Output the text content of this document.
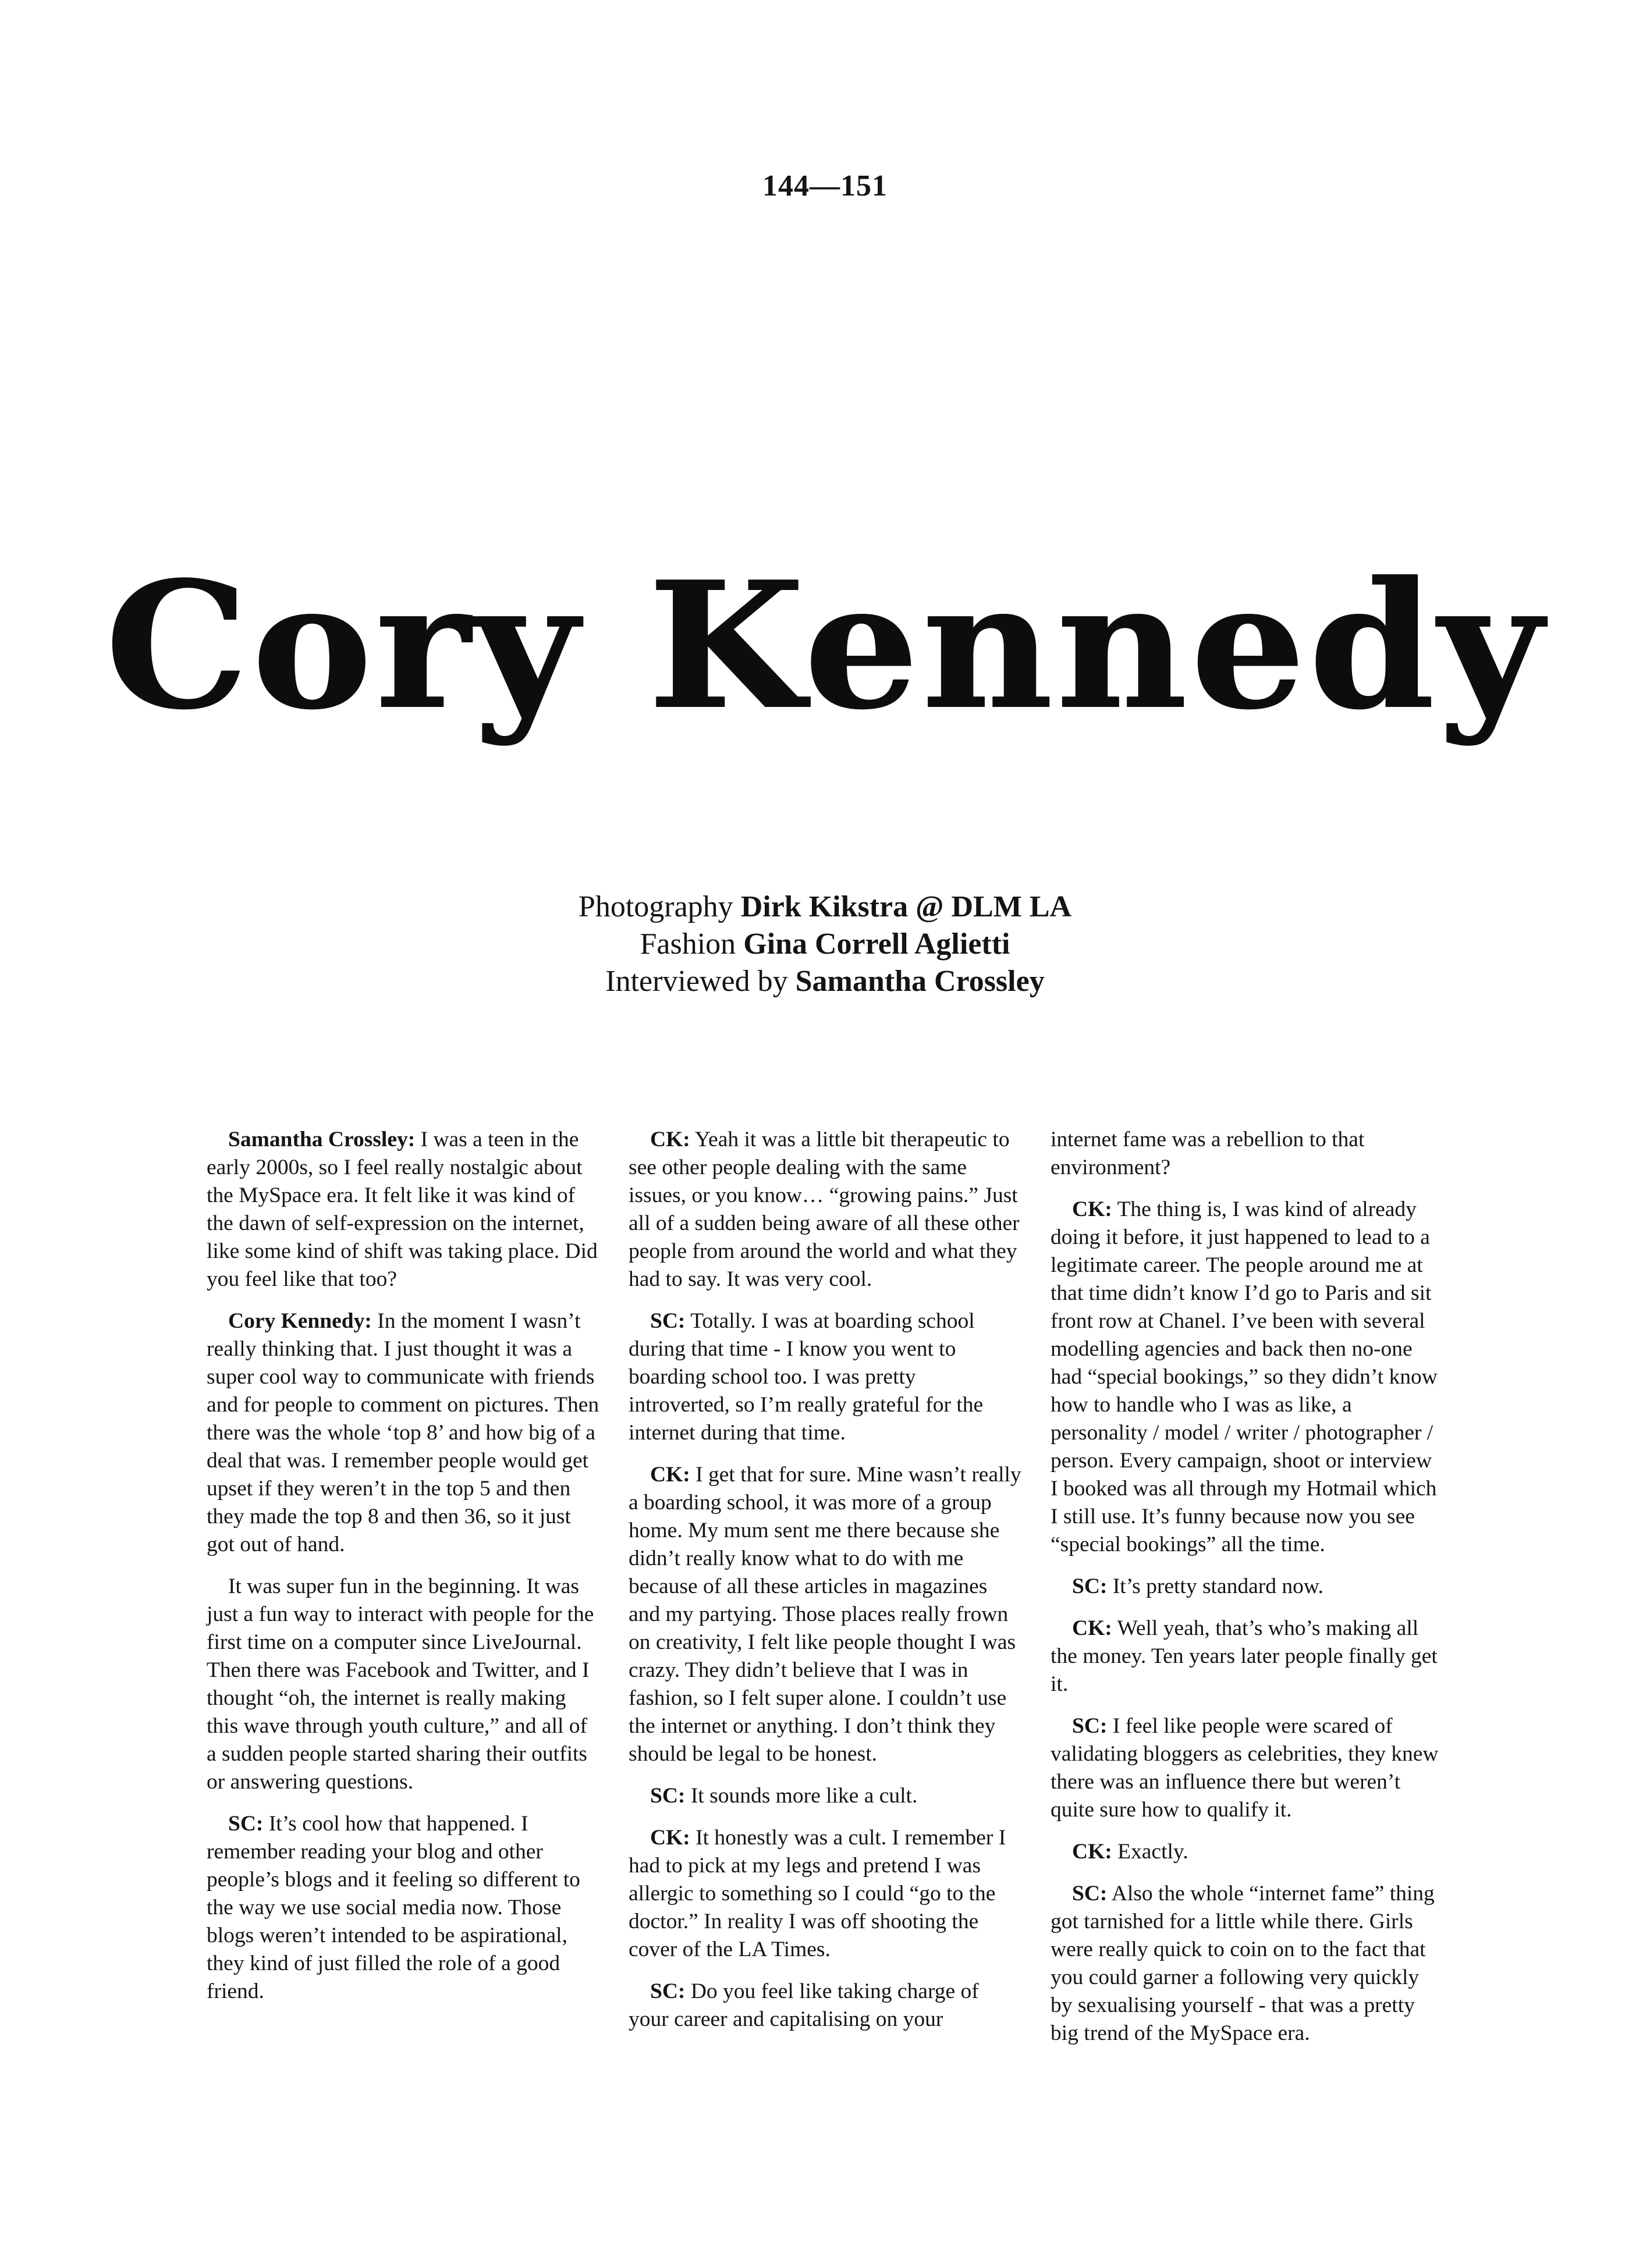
144—151
Cory Kennedy
Photography Dirk Kikstra @ DLM LA
Fashion Gina Correll Aglietti
Interviewed by Samantha Crossley

Samantha Crossley: I was a teen in the early 2000s, so I feel really nostalgic about the MySpace era. It felt like it was kind of the dawn of self-expression on the internet, like some kind of shift was taking place. Did you feel like that too?

Cory Kennedy: In the moment I wasn’t really thinking that. I just thought it was a super cool way to communicate with friends and for people to comment on pictures. Then there was the whole ‘top 8’ and how big of a deal that was. I remember people would get upset if they weren’t in the top 5 and then they made the top 8 and then 36, so it just got out of hand.

It was super fun in the beginning. It was just a fun way to interact with people for the first time on a computer since LiveJournal. Then there was Facebook and Twitter, and I thought “oh, the internet is really making this wave through youth culture,” and all of a sudden people started sharing their outfits or answering questions.

SC: It’s cool how that happened. I remember reading your blog and other people’s blogs and it feeling so different to the way we use social media now. Those blogs weren’t intended to be aspirational, they kind of just filled the role of a good friend.

CK: Yeah it was a little bit therapeutic to see other people dealing with the same issues, or you know… “growing pains.” Just all of a sudden being aware of all these other people from around the world and what they had to say. It was very cool.

SC: Totally. I was at boarding school during that time - I know you went to boarding school too. I was pretty introverted, so I’m really grateful for the internet during that time.

CK: I get that for sure. Mine wasn’t really a boarding school, it was more of a group home. My mum sent me there because she didn’t really know what to do with me because of all these articles in magazines and my partying. Those places really frown on creativity, I felt like people thought I was crazy. They didn’t believe that I was in fashion, so I felt super alone. I couldn’t use the internet or anything. I don’t think they should be legal to be honest.

SC: It sounds more like a cult.

CK: It honestly was a cult. I remember I had to pick at my legs and pretend I was allergic to something so I could “go to the doctor.” In reality I was off shooting the cover of the LA Times.

SC: Do you feel like taking charge of your career and capitalising on your

internet fame was a rebellion to that environment?

CK: The thing is, I was kind of already doing it before, it just happened to lead to a legitimate career. The people around me at that time didn’t know I’d go to Paris and sit front row at Chanel. I’ve been with several modelling agencies and back then no-one had “special bookings,” so they didn’t know how to handle who I was as like, a personality / model / writer / photographer / person. Every campaign, shoot or interview I booked was all through my Hotmail which I still use. It’s funny because now you see “special bookings” all the time.

SC: It’s pretty standard now.

CK: Well yeah, that’s who’s making all the money. Ten years later people finally get it.

SC: I feel like people were scared of validating bloggers as celebrities, they knew there was an influence there but weren’t quite sure how to qualify it.

CK: Exactly.

SC: Also the whole “internet fame” thing got tarnished for a little while there. Girls were really quick to coin on to the fact that you could garner a following very quickly by sexualising yourself - that was a pretty big trend of the MySpace era.
